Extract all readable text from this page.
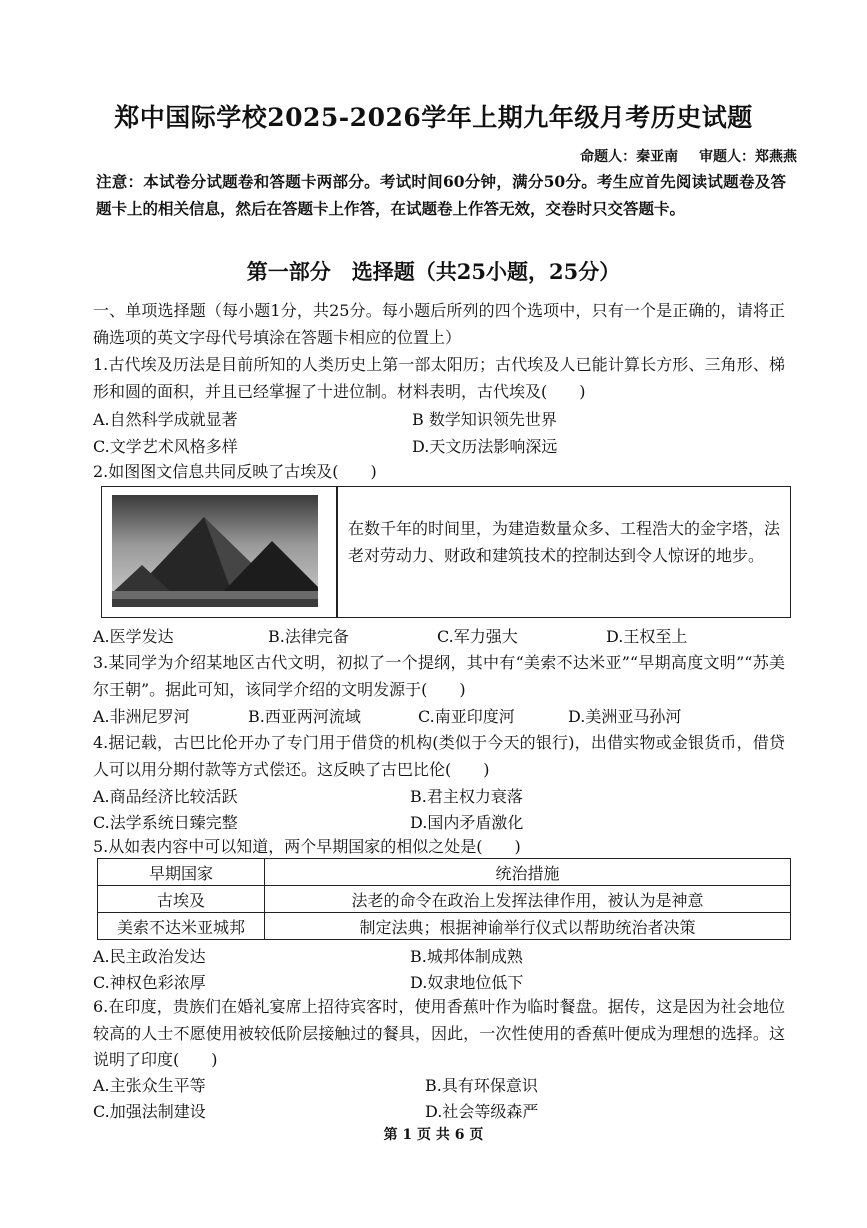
郑中国际学校2025-2026学年上期九年级月考历史试题
命题人：秦亚南 审题人：郑燕燕
注意：本试卷分试题卷和答题卡两部分。考试时间60分钟，满分50分。考生应首先阅读试题卷及答题卡上的相关信息，然后在答题卡上作答，在试题卷上作答无效，交卷时只交答题卡。
第一部分　选择题（共25小题，25分）
一、单项选择题（每小题1分，共25分。每小题后所列的四个选项中，只有一个是正确的，请将正确选项的英文字母代号填涂在答题卡相应的位置上）
1.古代埃及历法是目前所知的人类历史上第一部太阳历；古代埃及人已能计算长方形、三角形、梯形和圆的面积，并且已经掌握了十进位制。材料表明，古代埃及(　　)
A.自然科学成就显著	B 数学知识领先世界
C.文学艺术风格多样	D.天文历法影响深远
2.如图图文信息共同反映了古埃及(　　)
在数千年的时间里，为建造数量众多、工程浩大的金字塔，法老对劳动力、财政和建筑技术的控制达到令人惊讶的地步。
A.医学发达	B.法律完备	C.军力强大	D.王权至上
3.某同学为介绍某地区古代文明，初拟了一个提纲，其中有“美索不达米亚”“早期高度文明”“苏美尔王朝”。据此可知，该同学介绍的文明发源于(　　)
A.非洲尼罗河	B.西亚两河流域	C.南亚印度河	D.美洲亚马孙河
4.据记载，古巴比伦开办了专门用于借贷的机构(类似于今天的银行)，出借实物或金银货币，借贷人可以用分期付款等方式偿还。这反映了古巴比伦(　　)
A.商品经济比较活跃	B.君主权力衰落
C.法学系统日臻完整	D.国内矛盾激化
5.从如表内容中可以知道，两个早期国家的相似之处是(　　)
早期国家	统治措施
古埃及	法老的命令在政治上发挥法律作用，被认为是神意
美索不达米亚城邦	制定法典；根据神谕举行仪式以帮助统治者决策
A.民主政治发达	B.城邦体制成熟
C.神权色彩浓厚	D.奴隶地位低下
6.在印度，贵族们在婚礼宴席上招待宾客时，使用香蕉叶作为临时餐盘。据传，这是因为社会地位较高的人士不愿使用被较低阶层接触过的餐具，因此，一次性使用的香蕉叶便成为理想的选择。这说明了印度(　　)
A.主张众生平等	B.具有环保意识
C.加强法制建设	D.社会等级森严
第 1 页 共 6 页
